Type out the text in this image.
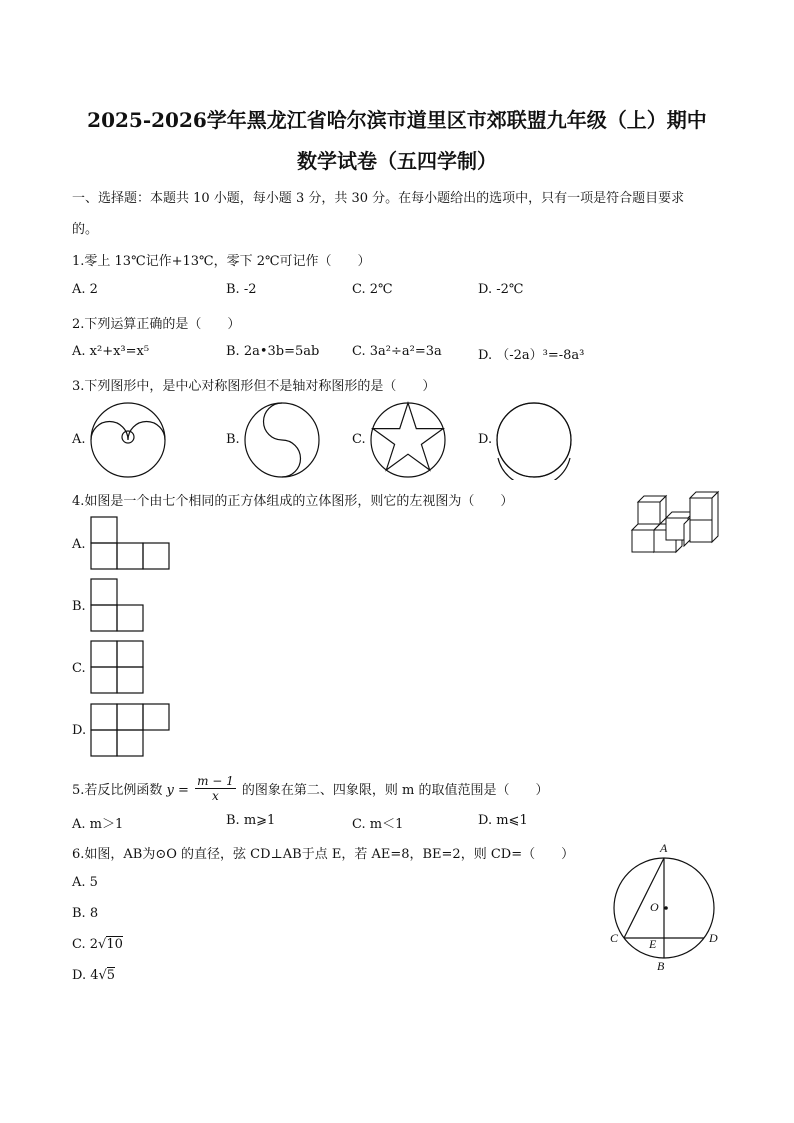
2025-2026学年黑龙江省哈尔滨市道里区市郊联盟九年级（上）期中
数学试卷（五四学制）
一、选择题：本题共 10 小题，每小题 3 分，共 30 分。在每小题给出的选项中，只有一项是符合题目要求
的。
1.零上 13℃记作+13℃，零下 2℃可记作（　　）
A. 2	B. -2	C. 2℃	D. -2℃
2.下列运算正确的是（　　）
A. x²+x³=x⁵	B. 2a•3b=5ab	C. 3a²÷a²=3a	D. （-2a）³=-8a³
3.下列图形中，是中心对称图形但不是轴对称图形的是（　　）
A.	B.	C.	D.
4.如图是一个由七个相同的正方体组成的立体图形，则它的左视图为（　　）
A.
B.
C.
D.
5.若反比例函数 $y = \frac{m - 1}{x}$ 的图象在第二、四象限，则 m 的取值范围是（　　）
A. m＞1	B. m⩾1	C. m＜1	D. m⩽1
6.如图，AB为⊙O 的直径，弦 CD⊥AB于点 E，若 AE=8，BE=2，则 CD=（　　）
A. 5
B. 8
C. 2√10
D. 4√5
A
O
C	D
E
B
